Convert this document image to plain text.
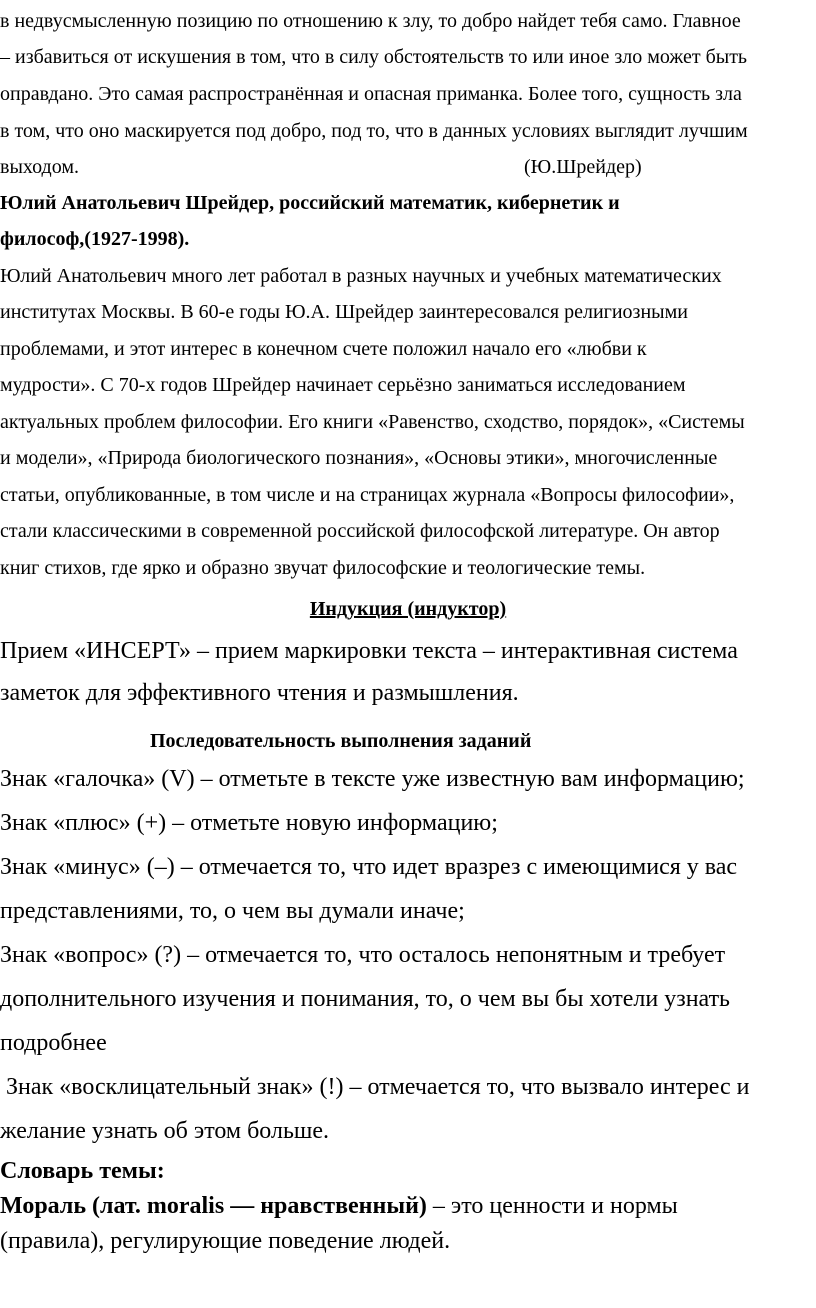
в недвусмысленную позицию по отношению к злу, то добро найдет тебя само. Главное
– избавиться от искушения в том, что в силу обстоятельств то или иное зло может быть
оправдано. Это самая распространённая и опасная приманка. Более того, сущность зла
в том, что оно маскируется под добро, под то, что в данных условиях выглядит лучшим
выходом.	(Ю.Шрейдер)
Юлий Анатольевич Шрейдер, российский математик, кибернетик и
философ,(1927-1998).
Юлий Анатольевич много лет работал в разных научных и учебных математических
институтах Москвы. В 60-е годы Ю.А. Шрейдер заинтересовался религиозными
проблемами, и этот интерес в конечном счете положил начало его «любви к
мудрости». С 70-х годов Шрейдер начинает серьёзно заниматься исследованием
актуальных проблем философии. Его книги «Равенство, сходство, порядок», «Системы
и модели», «Природа биологического познания», «Основы этики», многочисленные
статьи, опубликованные, в том числе и на страницах журнала «Вопросы философии»,
стали классическими в современной российской философской литературе. Он автор
книг стихов, где ярко и образно звучат философские и теологические темы.
Индукция (индуктор)
Прием «ИНСЕРТ» – прием маркировки текста – интерактивная система
заметок для эффективного чтения и размышления.
Последовательность выполнения заданий
Знак «галочка» (V) – отметьте в тексте уже известную вам информацию;
Знак «плюс» (+) – отметьте новую информацию;
Знак «минус» (–) – отмечается то, что идет вразрез с имеющимися у вас
представлениями, то, о чем вы думали иначе;
Знак «вопрос» (?) – отмечается то, что осталось непонятным и требует
дополнительного изучения и понимания, то, о чем вы бы хотели узнать
подробнее
Знак «восклицательный знак» (!) – отмечается то, что вызвало интерес и
желание узнать об этом больше.
Словарь темы:
Мораль (лат. moralis — нравственный) – это ценности и нормы
(правила), регулирующие поведение людей.
